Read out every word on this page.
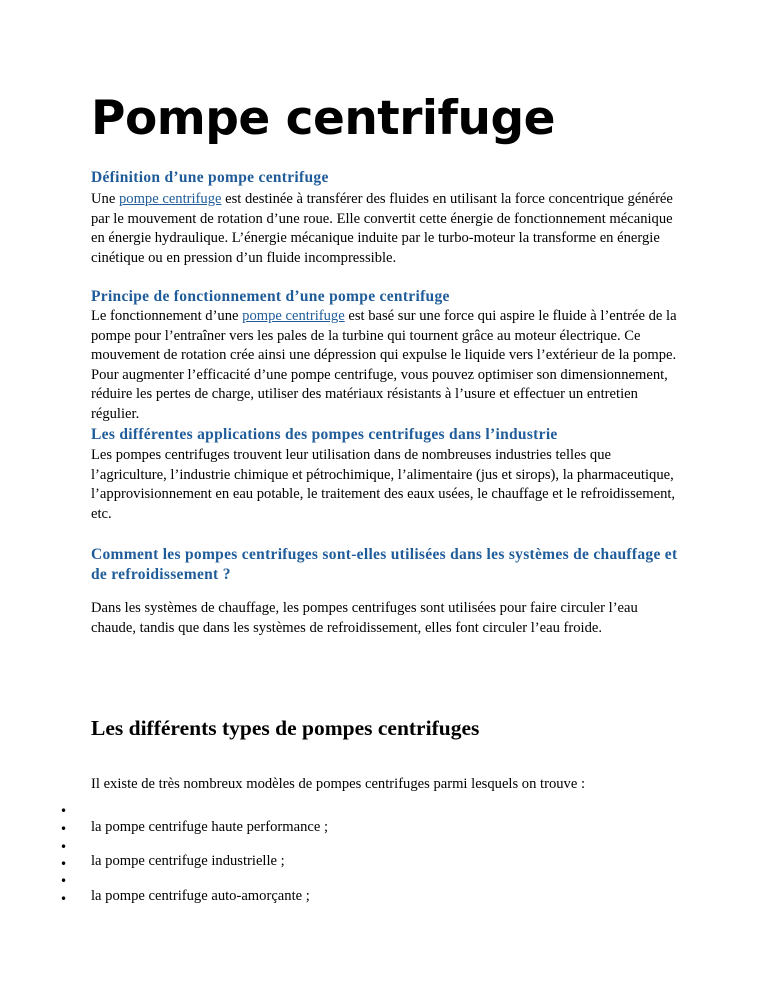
Pompe centrifuge
Définition d’une pompe centrifuge

Une pompe centrifuge est destinée à transférer des fluides en utilisant la force concentrique générée par le mouvement de rotation d’une roue. Elle convertit cette énergie de fonctionnement mécanique en énergie hydraulique. L’énergie mécanique induite par le turbo-moteur la transforme en énergie cinétique ou en pression d’un fluide incompressible.

Principe de fonctionnement d’une pompe centrifuge

Le fonctionnement d’une pompe centrifuge est basé sur une force qui aspire le fluide à l’entrée de la pompe pour l’entraîner vers les pales de la turbine qui tournent grâce au moteur électrique. Ce mouvement de rotation crée ainsi une dépression qui expulse le liquide vers l’extérieur de la pompe. Pour augmenter l’efficacité d’une pompe centrifuge, vous pouvez optimiser son dimensionnement, réduire les pertes de charge, utiliser des matériaux résistants à l’usure et effectuer un entretien régulier.

Les différentes applications des pompes centrifuges dans l’industrie

Les pompes centrifuges trouvent leur utilisation dans de nombreuses industries telles que l’agriculture, l’industrie chimique et pétrochimique, l’alimentaire (jus et sirops), la pharmaceutique, l’approvisionnement en eau potable, le traitement des eaux usées, le chauffage et le refroidissement, etc.

Comment les pompes centrifuges sont-elles utilisées dans les systèmes de chauffage et de refroidissement ?

Dans les systèmes de chauffage, les pompes centrifuges sont utilisées pour faire circuler l’eau chaude, tandis que dans les systèmes de refroidissement, elles font circuler l’eau froide.

Les différents types de pompes centrifuges

Il existe de très nombreux modèles de pompes centrifuges parmi lesquels on trouve :

•
• la pompe centrifuge haute performance ;
•
• la pompe centrifuge industrielle ;
•
• la pompe centrifuge auto-amorçante ;
